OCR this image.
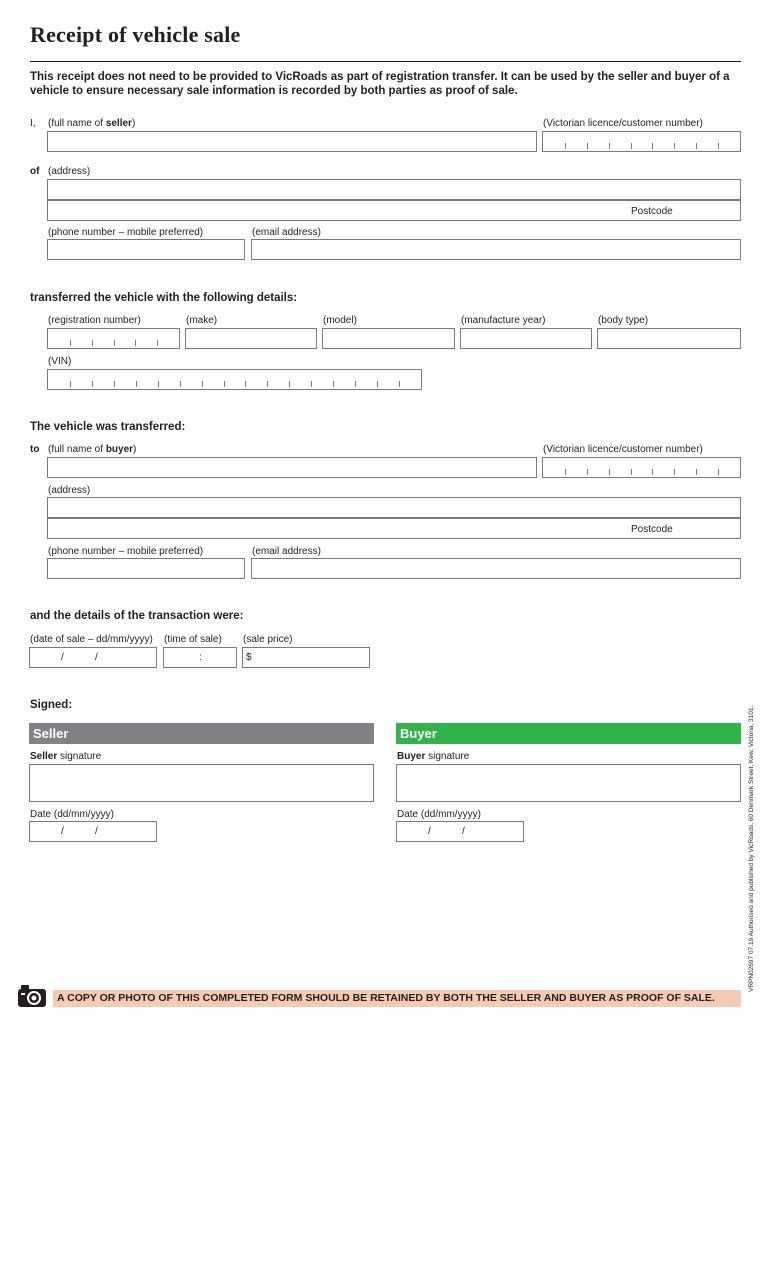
Receipt of vehicle sale
This receipt does not need to be provided to VicRoads as part of registration transfer. It can be used by the seller and buyer of a vehicle to ensure necessary sale information is recorded by both parties as proof of sale.
I, (full name of seller)	(Victorian licence/customer number)
of (address)
Postcode
(phone number – mobile preferred)	(email address)
transferred the vehicle with the following details:
(registration number)	(make)	(model)	(manufacture year)	(body type)
(VIN)
The vehicle was transferred:
to (full name of buyer)	(Victorian licence/customer number)
(address)
Postcode
(phone number – mobile preferred)	(email address)
and the details of the transaction were:
(date of sale – dd/mm/yyyy) (time of sale) (sale price)
/	/	:	$
Signed:
Seller	Buyer
Seller signature	Buyer signature
Date (dd/mm/yyyy)	Date (dd/mm/yyyy)
/	/	/	/	VRPN02697 07.19 Authorised and published by VicRoads, 60 Denmark Street, Kew, Victoria, 3101.
A COPY OR PHOTO OF THIS COMPLETED FORM SHOULD BE RETAINED BY BOTH THE SELLER AND BUYER AS PROOF OF SALE.
